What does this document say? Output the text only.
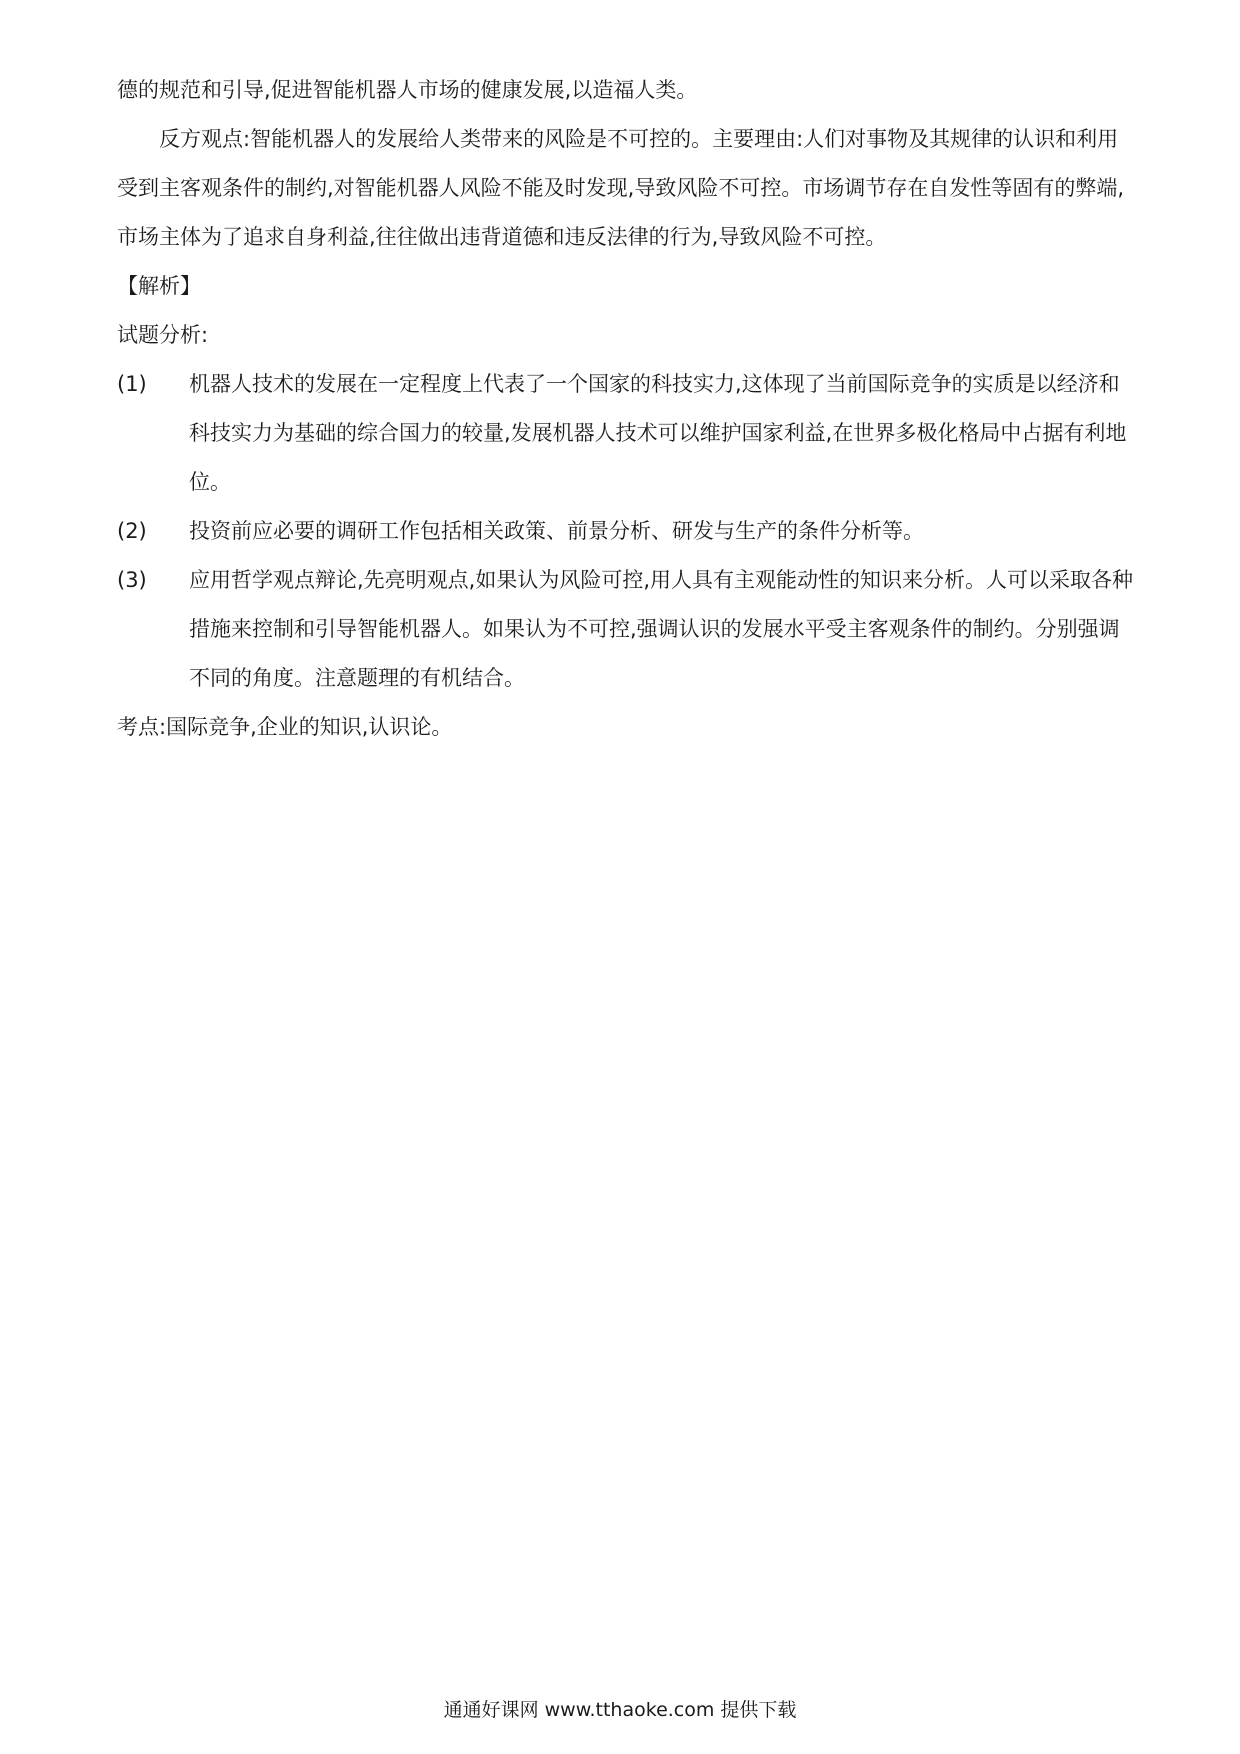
德的规范和引导,促进智能机器人市场的健康发展,以造福人类。

反方观点:智能机器人的发展给人类带来的风险是不可控的。主要理由:人们对事物及其规律的认识和利用受到主客观条件的制约,对智能机器人风险不能及时发现,导致风险不可控。市场调节存在自发性等固有的弊端,市场主体为了追求自身利益,往往做出违背道德和违反法律的行为,导致风险不可控。

【解析】

试题分析:

(1)	机器人技术的发展在一定程度上代表了一个国家的科技实力,这体现了当前国际竞争的实质是以经济和科技实力为基础的综合国力的较量,发展机器人技术可以维护国家利益,在世界多极化格局中占据有利地位。
(2)	投资前应必要的调研工作包括相关政策、前景分析、研发与生产的条件分析等。
(3)	应用哲学观点辩论,先亮明观点,如果认为风险可控,用人具有主观能动性的知识来分析。人可以采取各种措施来控制和引导智能机器人。如果认为不可控,强调认识的发展水平受主客观条件的制约。分别强调不同的角度。注意题理的有机结合。

考点:国际竞争,企业的知识,认识论。

通通好课网 www.tthaoke.com 提供下载
